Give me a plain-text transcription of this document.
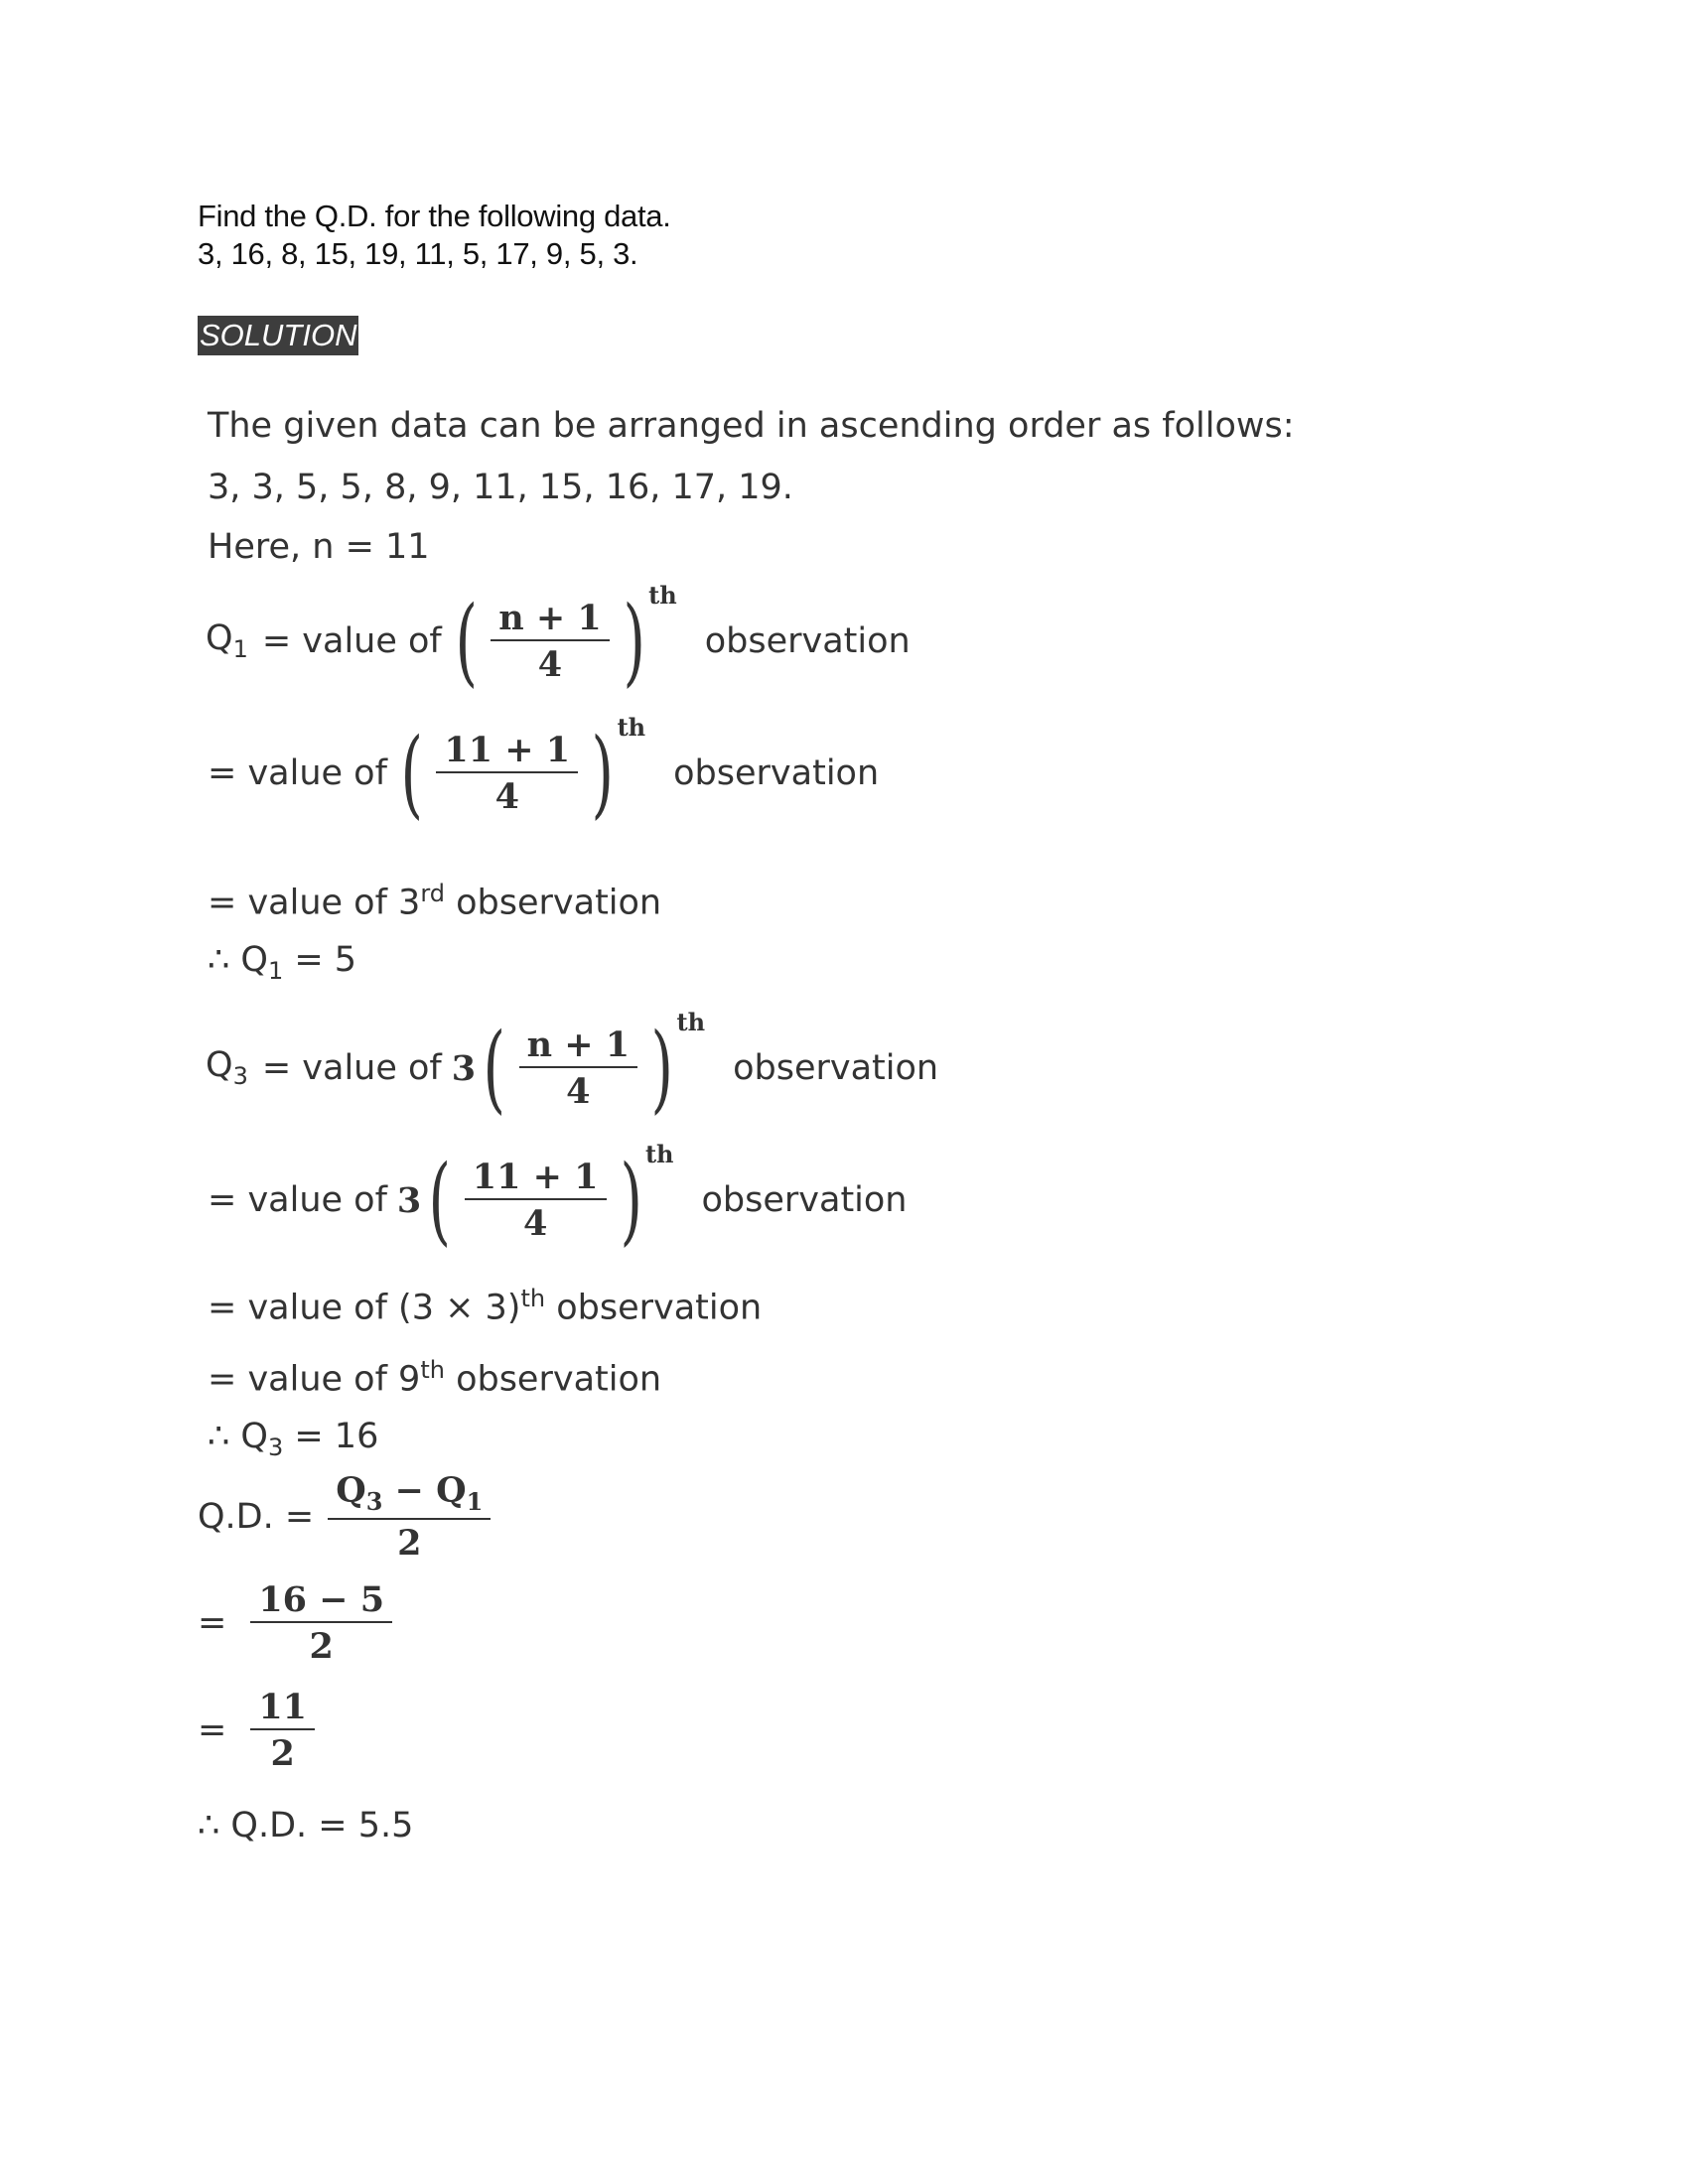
Find the Q.D. for the following data.
3, 16, 8, 15, 19, 11, 5, 17, 9, 5, 3.
SOLUTION
The given data can be arranged in ascending order as follows:
3, 3, 5, 5, 8, 9, 11, 15, 16, 17, 19.
Here, n = 11
$Q_1$ = value of ( $\frac{n + 1}{4}$ ) th
observation
= value of ( $\frac{11 + 1}{4}$ ) th
observation
= value of 3rd observation
∴ $Q_1 = 5$
$Q_3$ = value of 3 ( $\frac{n + 1}{4}$ ) th
observation
= value of 3 ( $\frac{11 + 1}{4}$ ) th
observation
= value of $(3 \times 3)^{th}$ observation
= value of 9th observation
∴ $Q_3 = 16$
Q.D. = $\frac{Q_3 - Q_1}{2}$
= $\frac{16 - 5}{2}$
= $\frac{11}{2}$
∴ Q.D. = 5.5
